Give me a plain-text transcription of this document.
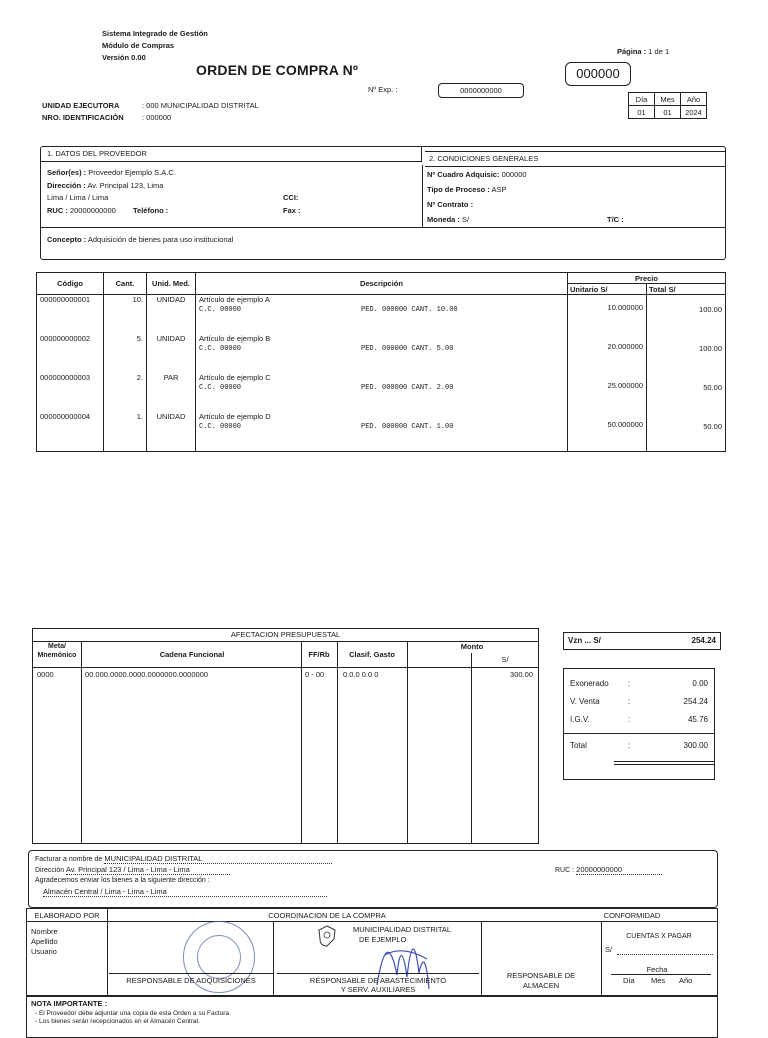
Sistema Integrado de Gestión
Módulo de Compras
Versión 0.00
Página : 1 de 1
ORDEN DE COMPRA Nº	000000
Nº Exp. :	0000000000
Día	Mes	Año
01	01	2024
UNIDAD EJECUTORA	: 000 MUNICIPALIDAD DISTRITAL
NRO. IDENTIFICACIÓN : 000000
1. DATOS DEL PROVEEDOR
2. CONDICIONES GENERALES
Señor(es) : Proveedor Ejemplo S.A.C.
Dirección : Av. Principal 123, Lima
Lima / Lima / Lima	CCI:
RUC : 20000000000 Teléfono :	Fax :
Nº Cuadro Adquisic: 000000
Tipo de Proceso : ASP
Nº Contrato :
Moneda : S/	T/C :
Concepto : Adquisición de bienes para uso institucional
Código	Cant.	Unid. Med.	Descripción	Precio	
				Unitario S/	Total S/
000000000001	10.	UNIDAD	Artículo de ejemplo A
C.C. 00000 PED. 000000 CANT. 10.00	10.000000	100.00
000000000002	5.	UNIDAD	Artículo de ejemplo B
C.C. 00000 PED. 000000 CANT. 5.00	20.000000	100.00
000000000003	2.	PAR	Artículo de ejemplo C
C.C. 00000 PED. 000000 CANT. 2.00	25.000000	50.00
000000000004	1.	UNIDAD	Artículo de ejemplo D
C.C. 00000 PED. 000000 CANT. 1.00	50.000000	50.00
AFECTACION PRESUPUESTAL
Meta/ Mnemónico	Cadena Funcional	FF/Rb	Clasif. Gasto
Monto
S/
0000	00.000.0000.0000.0000000.0000000	0 - 00	0.0.0 0.0 0	300.00
Vzn ... S/	254.24
Exonerado :	0.00
V. Venta	:	254.24
I.G.V.	:	45.76
Total	:	300.00
Facturar a nombre de MUNICIPALIDAD DISTRITAL
Dirección Av. Principal 123 / Lima - Lima - Lima	RUC : 20000000000
Agradecemos enviar los bienes a la siguiente dirección :
Almacén Central / Lima - Lima - Lima
ELABORADO POR	COORDINACION DE LA COMPRA	CONFORMIDAD
Nombre
Apellido
Usuario
MUNICIPALIDAD DISTRITAL
DE EJEMPLO	CUENTAS X PAGAR
S/
Fecha
Día Mes Año
RESPONSABLE DE ADQUISICIONES	RESPONSABLE DE ABASTECIMIENTO
Y SERV. AUXILIARES
RESPONSABLE DE
ALMACEN
NOTA IMPORTANTE :
- El Proveedor debe adjuntar una copia de esta Orden a su Factura.
- Los bienes serán recepcionados en el Almacén Central.
